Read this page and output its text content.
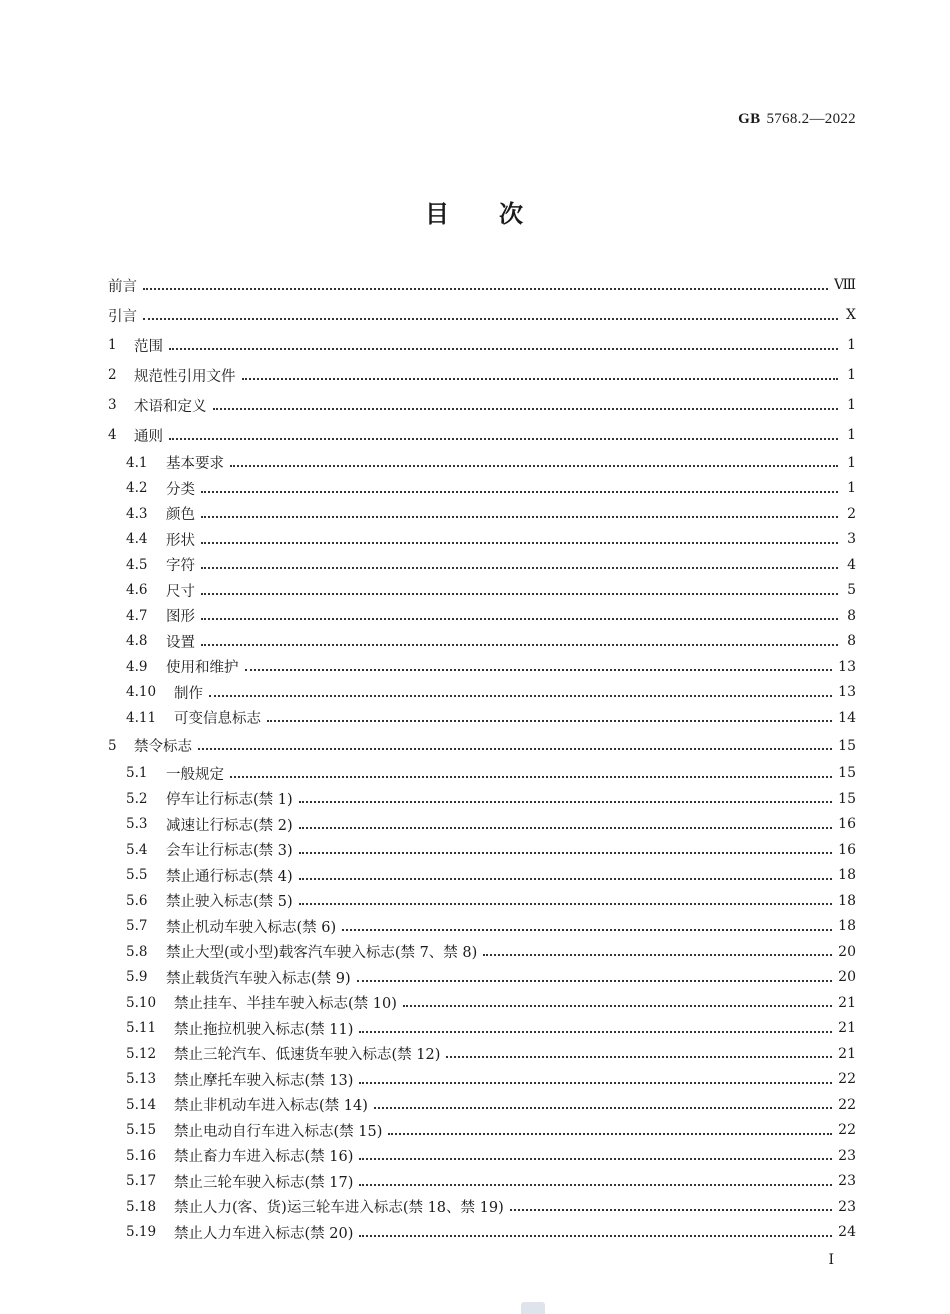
GB 5768.2—2022
目 次
前言	Ⅷ
引言	Ⅹ
1	范围	1
2	规范性引用文件	1
3	术语和定义	1
4	通则	1
4.1	基本要求	1
4.2	分类	1
4.3	颜色	2
4.4	形状	3
4.5	字符	4
4.6	尺寸	5
4.7	图形	8
4.8	设置	8
4.9	使用和维护	13
4.10	制作	13
4.11	可变信息标志	14
5	禁令标志	15
5.1	一般规定	15
5.2	停车让行标志(禁 1)	15
5.3	减速让行标志(禁 2)	16
5.4	会车让行标志(禁 3)	16
5.5	禁止通行标志(禁 4)	18
5.6	禁止驶入标志(禁 5)	18
5.7	禁止机动车驶入标志(禁 6)	18
5.8	禁止大型(或小型)载客汽车驶入标志(禁 7、禁 8)	20
5.9	禁止载货汽车驶入标志(禁 9)	20
5.10	禁止挂车、半挂车驶入标志(禁 10)	21
5.11	禁止拖拉机驶入标志(禁 11)	21
5.12	禁止三轮汽车、低速货车驶入标志(禁 12)	21
5.13	禁止摩托车驶入标志(禁 13)	22
5.14	禁止非机动车进入标志(禁 14)	22
5.15	禁止电动自行车进入标志(禁 15)	22
5.16	禁止畜力车进入标志(禁 16)	23
5.17	禁止三轮车驶入标志(禁 17)	23
5.18	禁止人力(客、货)运三轮车进入标志(禁 18、禁 19)	23
5.19	禁止人力车进入标志(禁 20)	24
Ⅰ
